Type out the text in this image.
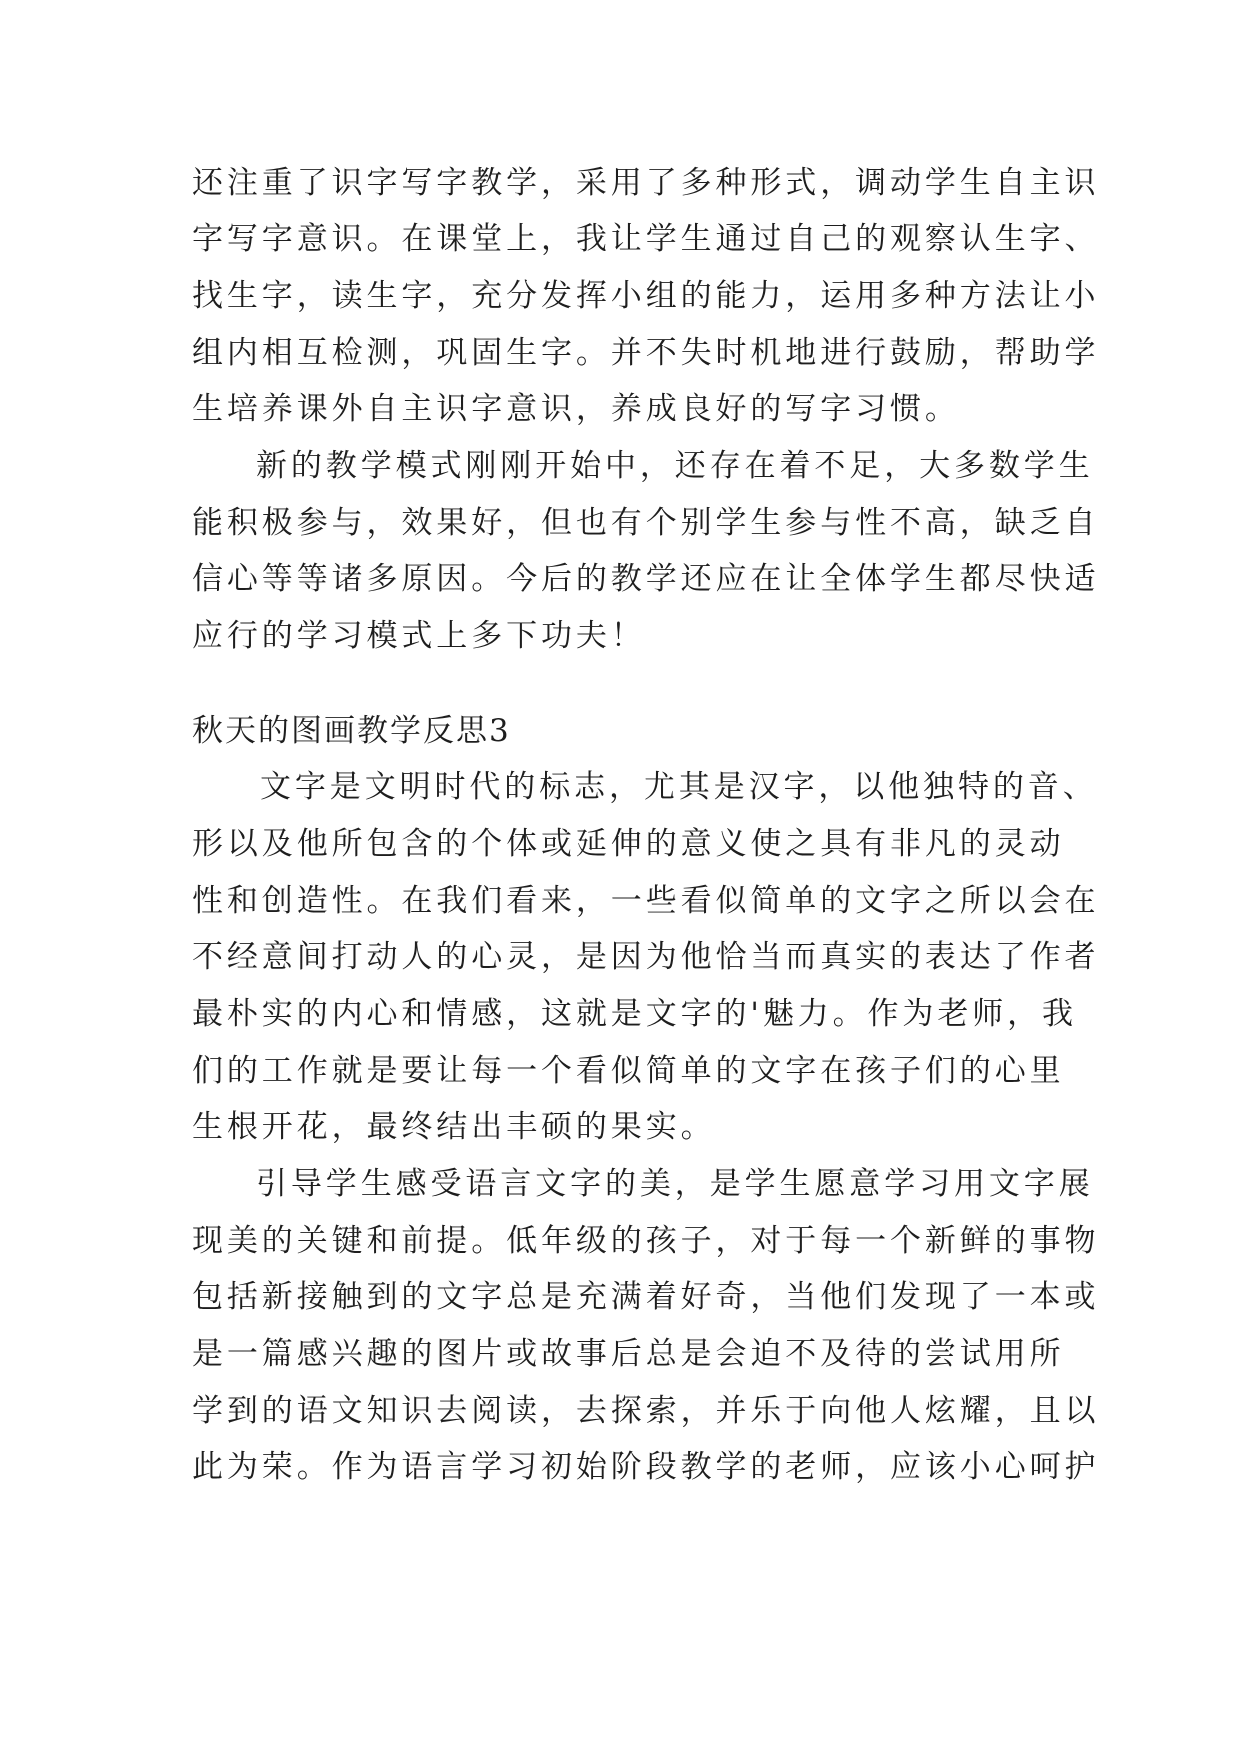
还注重了识字写字教学，采用了多种形式，调动学生自主识

字写字意识。在课堂上，我让学生通过自己的观察认生字、

找生字，读生字，充分发挥小组的能力，运用多种方法让小

组内相互检测，巩固生字。并不失时机地进行鼓励，帮助学

生培养课外自主识字意识，养成良好的写字习惯。

新的教学模式刚刚开始中，还存在着不足，大多数学生

能积极参与，效果好，但也有个别学生参与性不高，缺乏自

信心等等诸多原因。今后的教学还应在让全体学生都尽快适

应行的学习模式上多下功夫！

秋天的图画教学反思3

文字是文明时代的标志，尤其是汉字，以他独特的音、

形以及他所包含的个体或延伸的意义使之具有非凡的灵动

性和创造性。在我们看来，一些看似简单的文字之所以会在

不经意间打动人的心灵，是因为他恰当而真实的表达了作者

最朴实的内心和情感，这就是文字的'魅力。作为老师，我

们的工作就是要让每一个看似简单的文字在孩子们的心里

生根开花，最终结出丰硕的果实。

引导学生感受语言文字的美，是学生愿意学习用文字展

现美的关键和前提。低年级的孩子，对于每一个新鲜的事物

包括新接触到的文字总是充满着好奇，当他们发现了一本或

是一篇感兴趣的图片或故事后总是会迫不及待的尝试用所

学到的语文知识去阅读，去探索，并乐于向他人炫耀，且以

此为荣。作为语言学习初始阶段教学的老师，应该小心呵护
